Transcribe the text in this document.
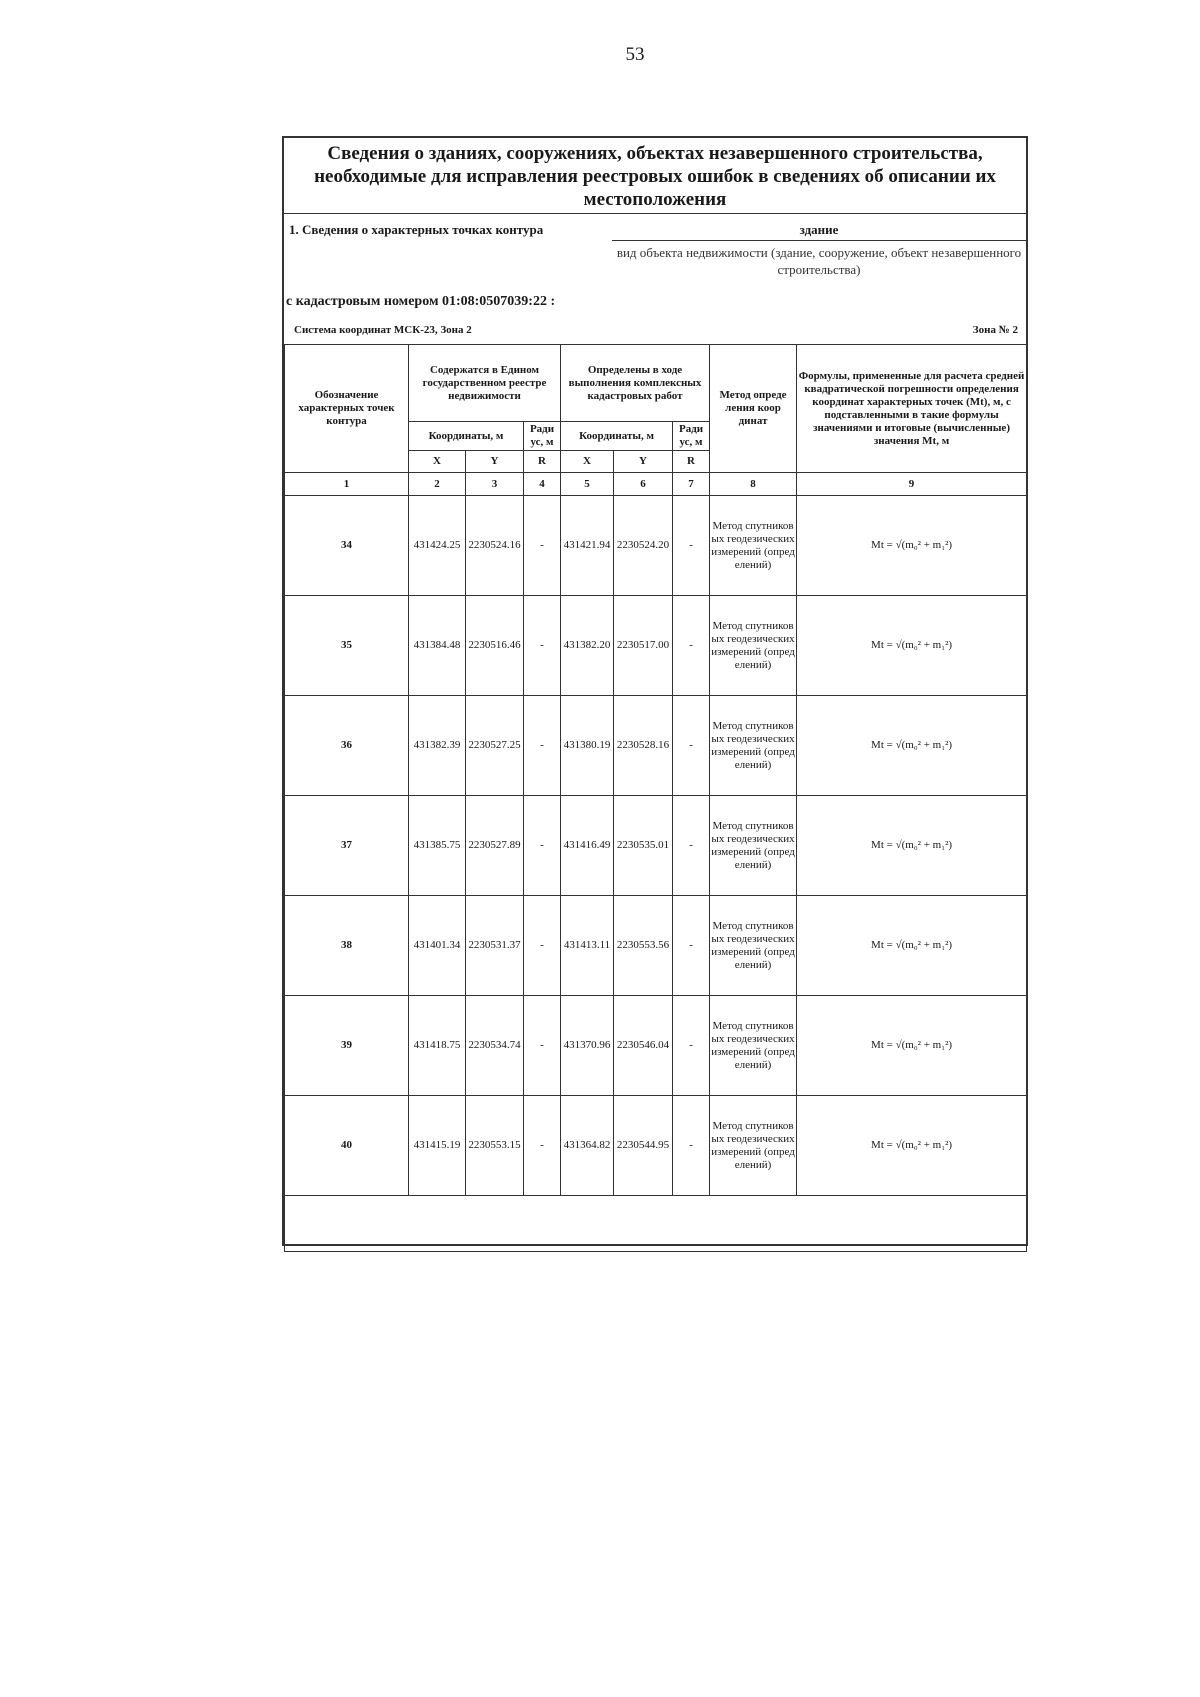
53
Сведения о зданиях, сооружениях, объектах незавершенного строительства, необходимые для исправления реестровых ошибок в сведениях об описании их местоположения
1. Сведения о характерных точках контура	здание
вид объекта недвижимости (здание, сооружение, объект незавершенного строительства)
с кадастровым номером 01:08:0507039:22 :
Система координат МСК-23, Зона 2	Зона № 2
Обозначение характерных точек контура	Содержатся в Едином государственном реестре недвижимости			Определены в ходе выполнения комплексных кадастровых работ			Метод опреде ления коор динат	Формулы, примененные для расчета средней квадратической погрешности определения координат характерных точек (Mt), м, с подставленными в такие формулы значениями и итоговые (вычисленные) значения Mt, м
	Координаты, м		Ради ус, м	Координаты, м		Ради ус, м		
	X	Y	R	X	Y	R		
1	2	3	4	5	6	7	8	9
34	431424.25	2230524.16	-	431421.94	2230524.20	-	Метод спутниковых геодезических измерений (определений)	Mt = √(m₀² + m₁²)
35	431384.48	2230516.46	-	431382.20	2230517.00	-	Метод спутниковых геодезических измерений (определений)	Mt = √(m₀² + m₁²)
36	431382.39	2230527.25	-	431380.19	2230528.16	-	Метод спутниковых геодезических измерений (определений)	Mt = √(m₀² + m₁²)
37	431385.75	2230527.89	-	431416.49	2230535.01	-	Метод спутниковых геодезических измерений (определений)	Mt = √(m₀² + m₁²)
38	431401.34	2230531.37	-	431413.11	2230553.56	-	Метод спутниковых геодезических измерений (определений)	Mt = √(m₀² + m₁²)
39	431418.75	2230534.74	-	431370.96	2230546.04	-	Метод спутниковых геодезических измерений (определений)	Mt = √(m₀² + m₁²)
40	431415.19	2230553.15	-	431364.82	2230544.95	-	Метод спутниковых геодезических измерений (определений)	Mt = √(m₀² + m₁²)
